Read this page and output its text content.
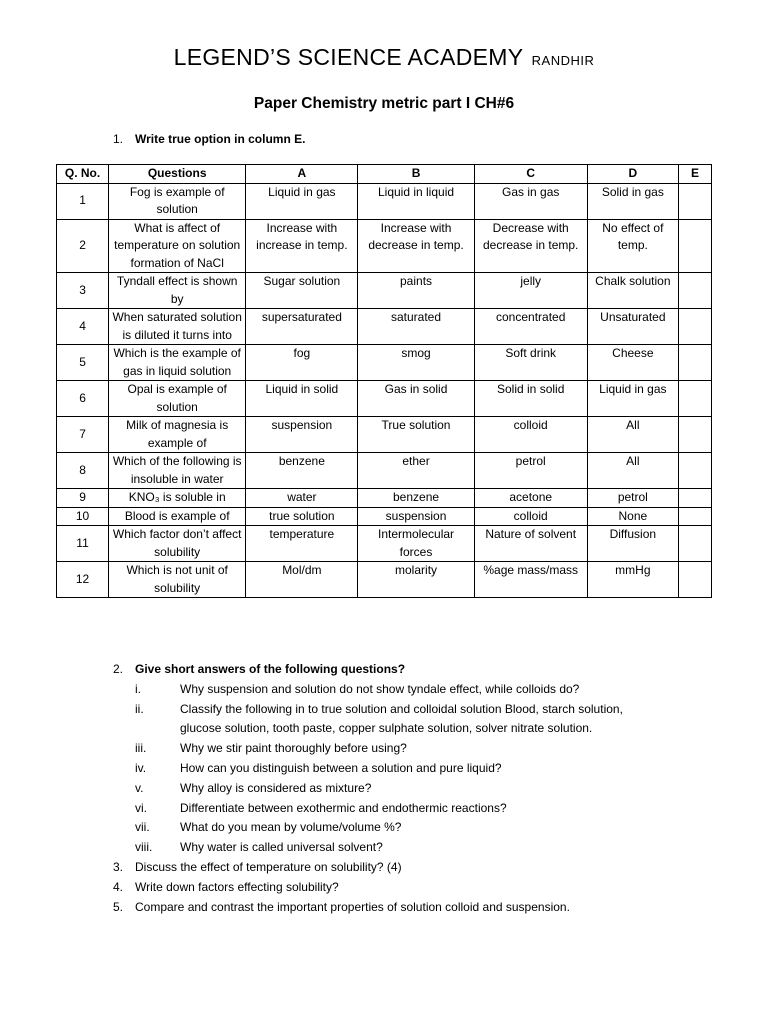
LEGEND’S SCIENCE ACADEMY RANDHIR
Paper Chemistry metric part I CH#6
1. Write true option in column E.
Q. No.	Questions	A	B	C	D	E
1	Fog is example of solution	Liquid in gas	Liquid in liquid	Gas in gas	Solid in gas	
2	What is affect of temperature on solution formation of NaCl	Increase with increase in temp.	Increase with decrease in temp.	Decrease with decrease in temp.	No effect of temp.	
3	Tyndall effect is shown by	Sugar solution	paints	jelly	Chalk solution	
4	When saturated solution is diluted it turns into	supersaturated	saturated	concentrated	Unsaturated	
5	Which is the example of gas in liquid solution	fog	smog	Soft drink	Cheese	
6	Opal is example of solution	Liquid in solid	Gas in solid	Solid in solid	Liquid in gas	
7	Milk of magnesia is example of	suspension	True solution	colloid	All	
8	Which of the following is insoluble in water	benzene	ether	petrol	All	
9	KNO₃ is soluble in	water	benzene	acetone	petrol	
10	Blood is example of	true solution	suspension	colloid	None	
11	Which factor don’t affect solubility	temperature	Intermolecular forces	Nature of solvent	Diffusion	
12	Which is not unit of solubility	Mol/dm	molarity	%age mass/mass	mmHg	
2. Give short answers of the following questions?
i.	Why suspension and solution do not show tyndale effect, while colloids do?
ii.	Classify the following in to true solution and colloidal solution Blood, starch solution,
glucose solution, tooth paste, copper sulphate solution, solver nitrate solution.
iii.	Why we stir paint thoroughly before using?
iv.	How can you distinguish between a solution and pure liquid?
v.	Why alloy is considered as mixture?
vi.	Differentiate between exothermic and endothermic reactions?
vii.	What do you mean by volume/volume %?
viii. Why water is called universal solvent?
3. Discuss the effect of temperature on solubility? (4)
4. Write down factors effecting solubility?
5. Compare and contrast the important properties of solution colloid and suspension.
